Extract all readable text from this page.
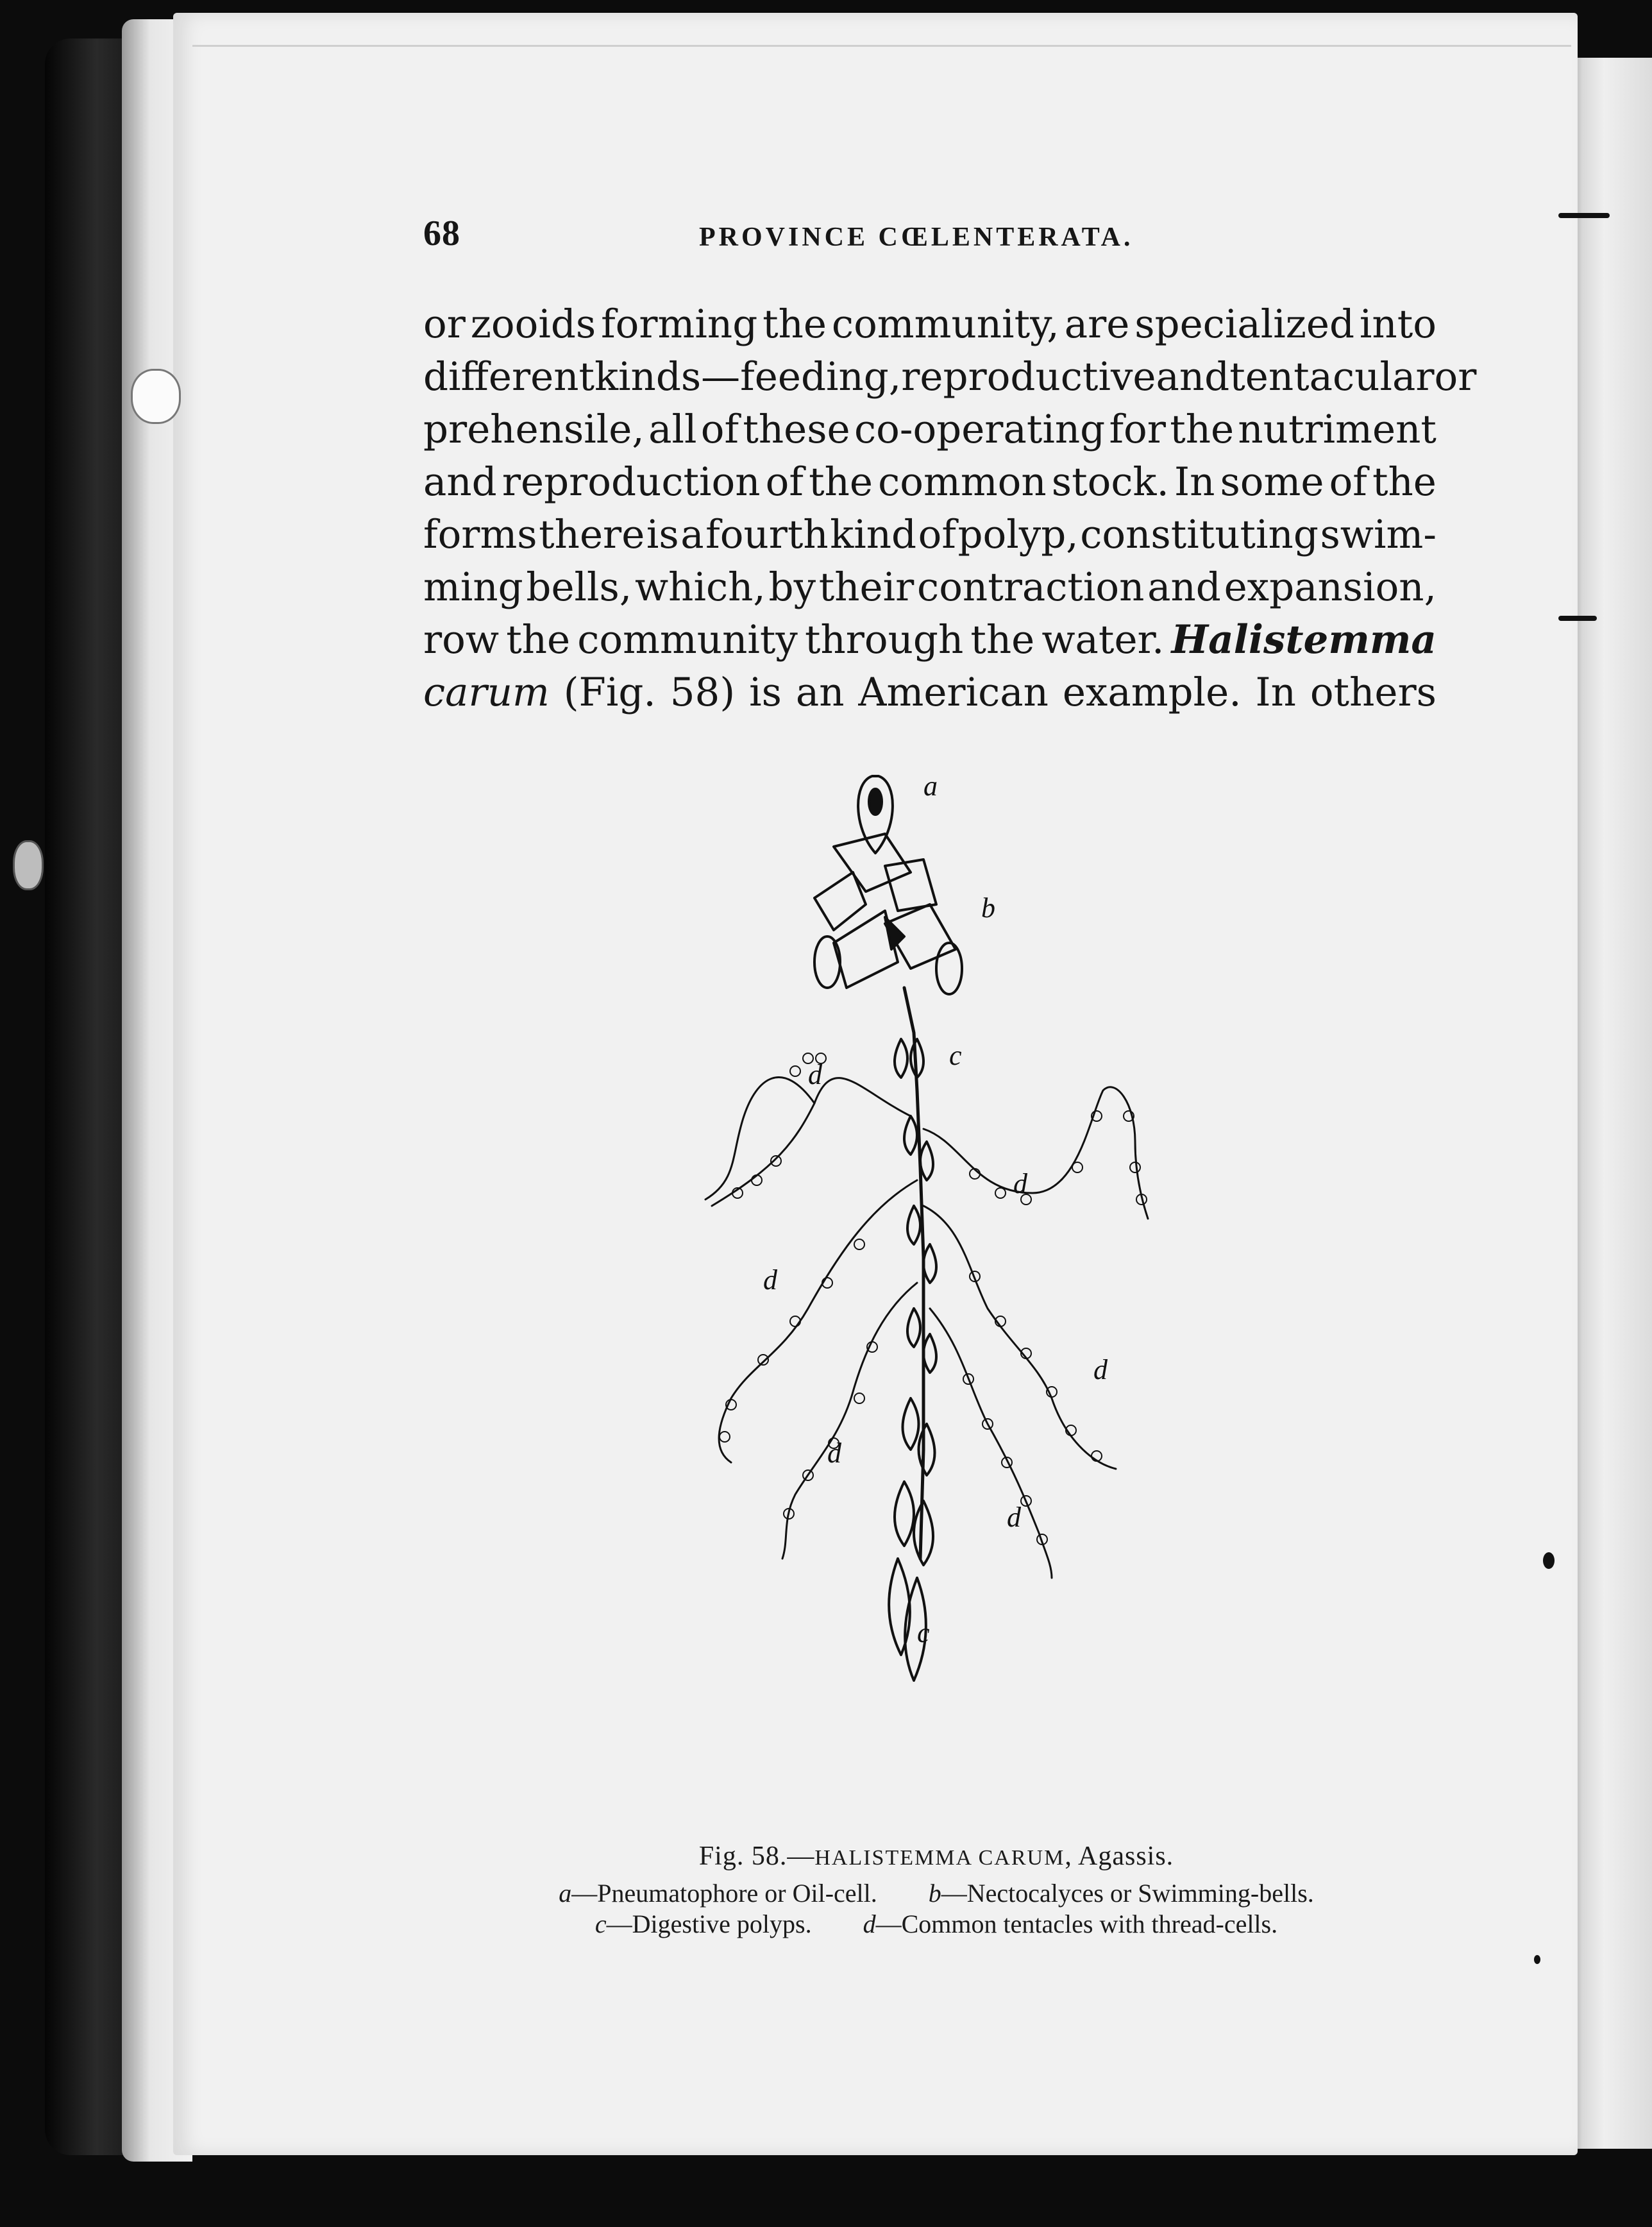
68	PROVINCE CŒLENTERATA.
or zooids forming the community, are specialized into
different kinds—feeding, reproductive and tentacular or
prehensile, all of these co-operating for the nutriment
and reproduction of the common stock. In some of the
forms there is a fourth kind of polyp, constituting swim-
ming bells, which, by their contraction and expansion,
row the community through the water. Halistemma
carum (Fig. 58) is an American example. In others
a
b
c
d
d
d
d
d
d
c
Fig. 58.—HALISTEMMA CARUM, Agassis.
a—Pneumatophore or Oil-cell. b—Nectocalyces or Swimming-bells.
c—Digestive polyps. d—Common tentacles with thread-cells.
